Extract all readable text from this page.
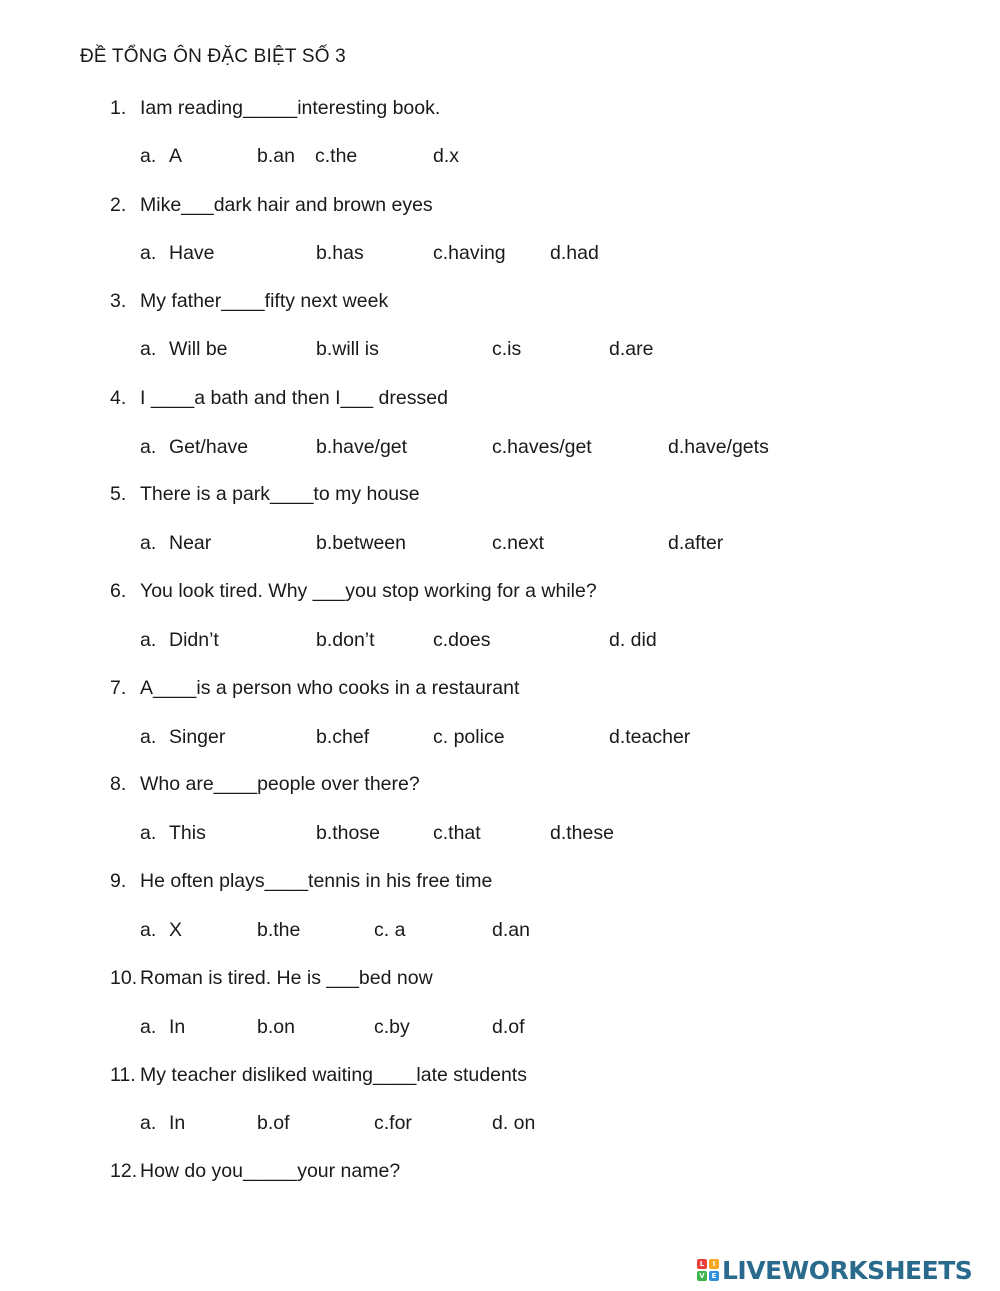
ĐỀ TỔNG ÔN ĐẶC BIỆT SỐ 3
1. Iam reading_____interesting book.
a. A	b.an c.the	d.x
2. Mike___dark hair and brown eyes
a. Have	b.has	c.having d.had
3. My father____fifty next week
a. Will be	b.will is	c.is	d.are
4. I ____a bath and then I___ dressed
a. Get/have	b.have/get	c.haves/get	d.have/gets
5. There is a park____to my house
a. Near	b.between	c.next	d.after
6. You look tired. Why ___you stop working for a while?
a. Didn’t	b.don’t	c.does	d. did
7. A____is a person who cooks in a restaurant
a. Singer	b.chef	c. police	d.teacher
8. Who are____people over there?
a. This	b.those	c.that	d.these
9. He often plays____tennis in his free time
a. X	b.the	c. a	d.an
10. Roman is tired. He is ___bed now
a. In	b.on	c.by	d.of
11. My teacher disliked waiting____late students
a. In	b.of	c.for	d. on
12. How do you_____your name?
L	I
V E LIVEWORKSHEETS
